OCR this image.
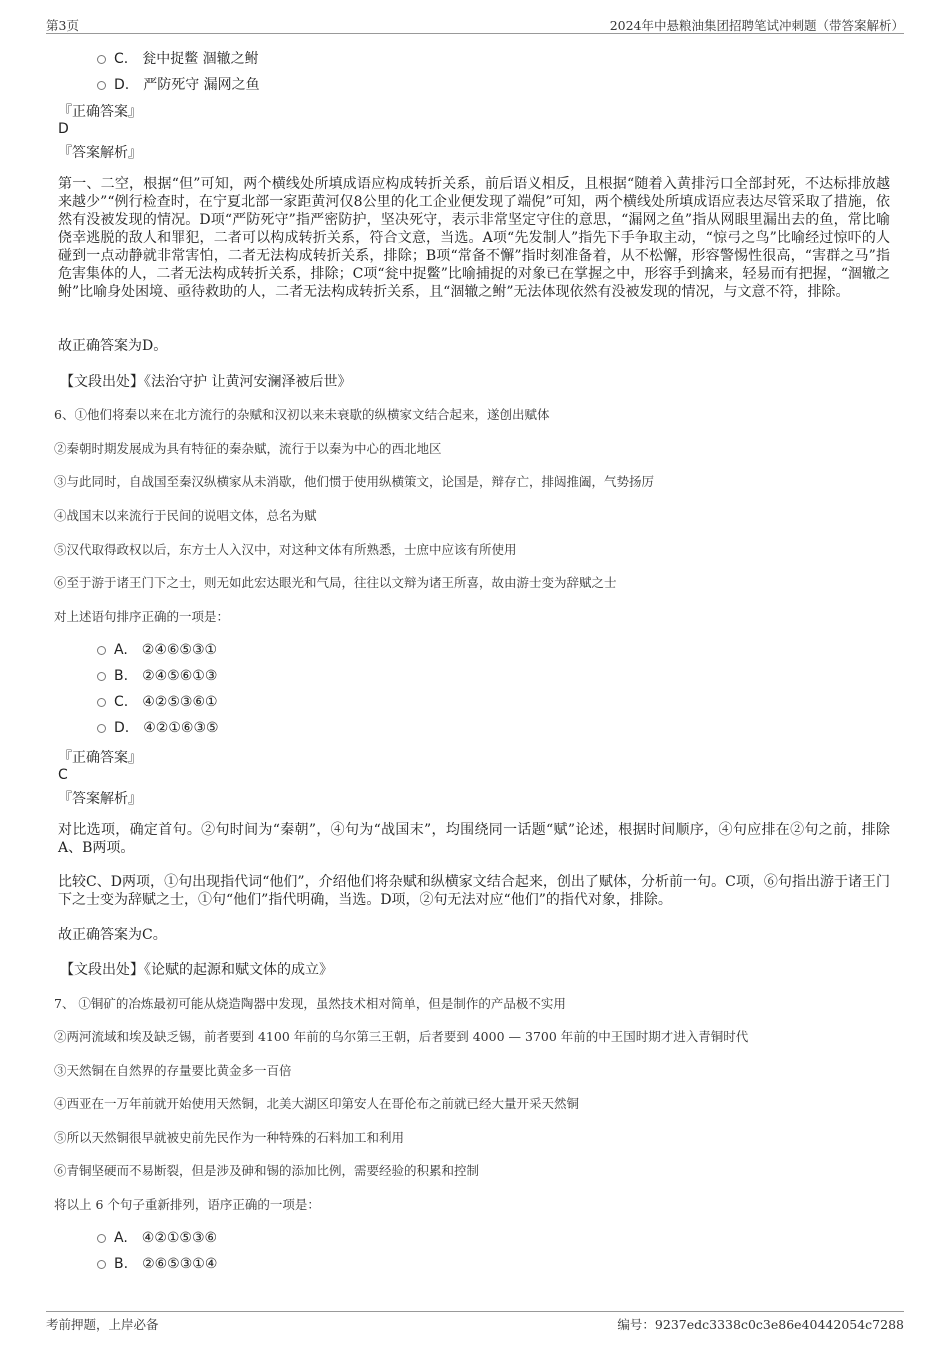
第3页	2024年中悬粮油集团招聘笔试冲刺题（带答案解析）
C. 瓮中捉鳖 涸辙之鲋
D. 严防死守 漏网之鱼
『正确答案』
D
『答案解析』
第一、二空，根据“但”可知，两个横线处所填成语应构成转折关系，前后语义相反，且根据“随着入黄排污口全部封死，不达标排放越来越少”“例行检查时，在宁夏北部一家距黄河仅8公里的化工企业便发现了端倪”可知，两个横线处所填成语应表达尽管采取了措施，依然有没被发现的情况。D项“严防死守”指严密防护，坚决死守，表示非常坚定守住的意思，“漏网之鱼”指从网眼里漏出去的鱼，常比喻侥幸逃脱的敌人和罪犯，二者可以构成转折关系，符合文意，当选。A项“先发制人”指先下手争取主动，“惊弓之鸟”比喻经过惊吓的人碰到一点动静就非常害怕，二者无法构成转折关系，排除；B项“常备不懈”指时刻准备着，从不松懈，形容警惕性很高，“害群之马”指危害集体的人，二者无法构成转折关系，排除；C项“瓮中捉鳖”比喻捕捉的对象已在掌握之中，形容手到擒来，轻易而有把握，“涸辙之鲋”比喻身处困境、亟待救助的人，二者无法构成转折关系，且“涸辙之鲋”无法体现依然有没被发现的情况，与文意不符，排除。
故正确答案为D。
【文段出处】《法治守护 让黄河安澜泽被后世》
6、①他们将秦以来在北方流行的杂赋和汉初以来未衰歇的纵横家文结合起来，遂创出赋体
②秦朝时期发展成为具有特征的秦杂赋，流行于以秦为中心的西北地区
③与此同时，自战国至秦汉纵横家从未消歇，他们惯于使用纵横策文，论国是，辩存亡，排闼推阖，气势扬厉
④战国末以来流行于民间的说唱文体，总名为赋
⑤汉代取得政权以后，东方士人入汉中，对这种文体有所熟悉，士庶中应该有所使用
⑥至于游于诸王门下之士，则无如此宏达眼光和气局，往往以文辩为诸王所喜，故由游士变为辞赋之士
对上述语句排序正确的一项是：
A. ②④⑥⑤③①
B. ②④⑤⑥①③
C. ④②⑤③⑥①
D. ④②①⑥③⑤
『正确答案』
C
『答案解析』
对比选项，确定首句。②句时间为“秦朝”，④句为“战国末”，均围绕同一话题“赋”论述，根据时间顺序，④句应排在②句之前，排除A、B两项。
比较C、D两项，①句出现指代词“他们”，介绍他们将杂赋和纵横家文结合起来，创出了赋体，分析前一句。C项，⑥句指出游于诸王门下之士变为辞赋之士，①句“他们”指代明确，当选。D项，②句无法对应“他们”的指代对象，排除。
故正确答案为C。
【文段出处】《论赋的起源和赋文体的成立》
7、 ①铜矿的冶炼最初可能从烧造陶器中发现，虽然技术相对简单，但是制作的产品极不实用
②两河流域和埃及缺乏锡，前者要到 4100 年前的乌尔第三王朝，后者要到 4000 — 3700 年前的中王国时期才进入青铜时代
③天然铜在自然界的存量要比黄金多一百倍
④西亚在一万年前就开始使用天然铜，北美大湖区印第安人在哥伦布之前就已经大量开采天然铜
⑤所以天然铜很早就被史前先民作为一种特殊的石料加工和利用
⑥青铜坚硬而不易断裂，但是涉及砷和锡的添加比例，需要经验的积累和控制
将以上 6 个句子重新排列，语序正确的一项是：
A. ④②①⑤③⑥
B. ②⑥⑤③①④
考前押题，上岸必备	编号：9237edc3338c0c3e86e40442054c7288
